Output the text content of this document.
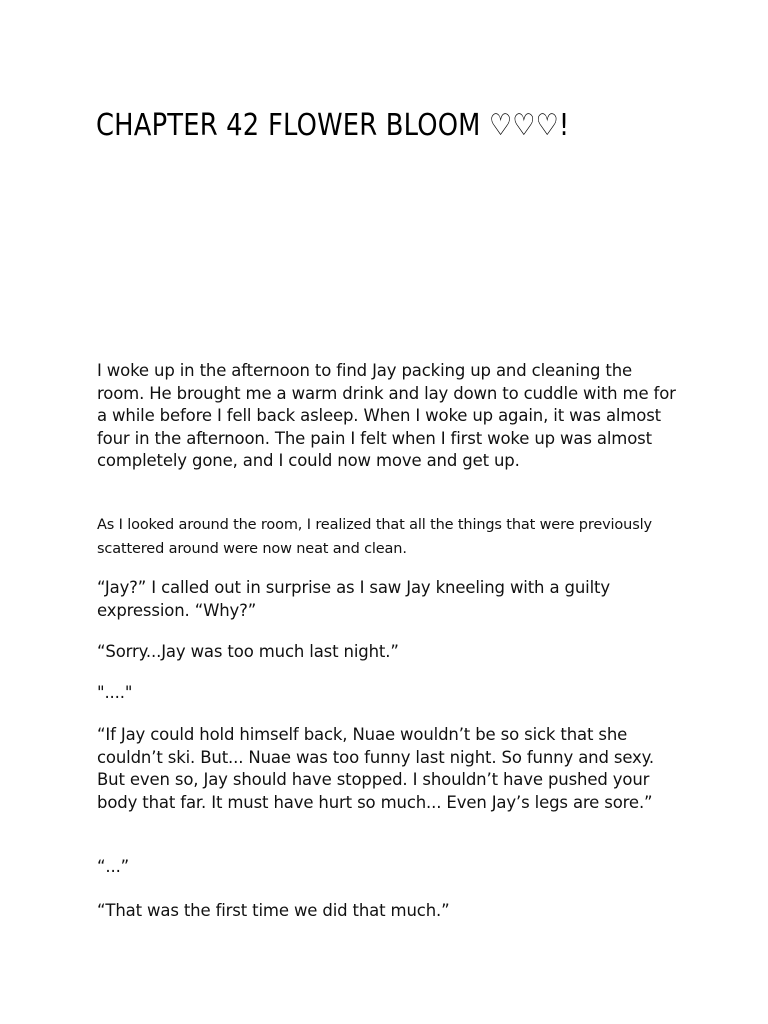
CHAPTER 42 FLOWER BLOOM ♡♡♡!

I woke up in the afternoon to find Jay packing up and cleaning the room. He brought me a warm drink and lay down to cuddle with me for a while before I fell back asleep. When I woke up again, it was almost four in the afternoon. The pain I felt when I first woke up was almost completely gone, and I could now move and get up.

As I looked around the room, I realized that all the things that were previously scattered around were now neat and clean.

“Jay?” I called out in surprise as I saw Jay kneeling with a guilty expression. “Why?”

“Sorry...Jay was too much last night.”

"...."

“If Jay could hold himself back, Nuae wouldn’t be so sick that she couldn’t ski. But... Nuae was too funny last night. So funny and sexy. But even so, Jay should have stopped. I shouldn’t have pushed your body that far. It must have hurt so much... Even Jay’s legs are sore.”

“...”

“That was the first time we did that much.”
